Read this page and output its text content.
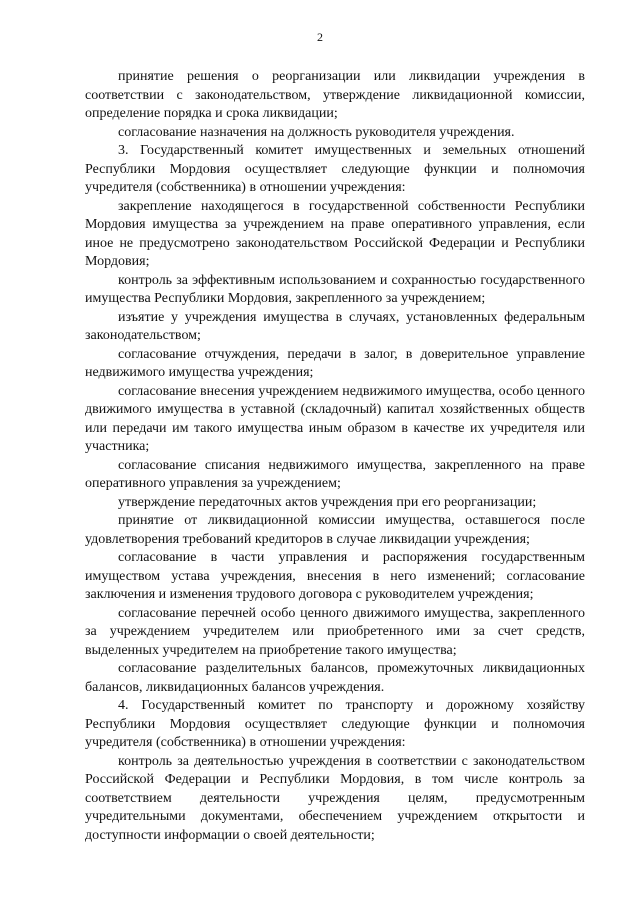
2

принятие решения о реорганизации или ликвидации учреждения в соответствии с законодательством, утверждение ликвидационной комиссии, определение порядка и срока ликвидации;

согласование назначения на должность руководителя учреждения.

3. Государственный комитет имущественных и земельных отношений Республики Мордовия осуществляет следующие функции и полномочия учредителя (собственника) в отношении учреждения:

закрепление находящегося в государственной собственности Республики Мордовия имущества за учреждением на праве оперативного управления, если иное не предусмотрено законодательством Российской Федерации и Республики Мордовия;

контроль за эффективным использованием и сохранностью государственного имущества Республики Мордовия, закрепленного за учреждением;

изъятие у учреждения имущества в случаях, установленных федеральным законодательством;

согласование отчуждения, передачи в залог, в доверительное управление недвижимого имущества учреждения;

согласование внесения учреждением недвижимого имущества, особо ценного движимого имущества в уставной (складочный) капитал хозяйственных обществ или передачи им такого имущества иным образом в качестве их учредителя или участника;

согласование списания недвижимого имущества, закрепленного на праве оперативного управления за учреждением;

утверждение передаточных актов учреждения при его реорганизации;

принятие от ликвидационной комиссии имущества, оставшегося после удовлетворения требований кредиторов в случае ликвидации учреждения;

согласование в части управления и распоряжения государственным имуществом устава учреждения, внесения в него изменений; согласование заключения и изменения трудового договора с руководителем учреждения;

согласование перечней особо ценного движимого имущества, закрепленного за учреждением учредителем или приобретенного ими за счет средств, выделенных учредителем на приобретение такого имущества;

согласование разделительных балансов, промежуточных ликвидационных балансов, ликвидационных балансов учреждения.

4. Государственный комитет по транспорту и дорожному хозяйству Республики Мордовия осуществляет следующие функции и полномочия учредителя (собственника) в отношении учреждения:

контроль за деятельностью учреждения в соответствии с законодательством Российской Федерации и Республики Мордовия, в том числе контроль за соответствием деятельности учреждения целям, предусмотренным учредительными документами, обеспечением учреждением открытости и доступности информации о своей деятельности;
